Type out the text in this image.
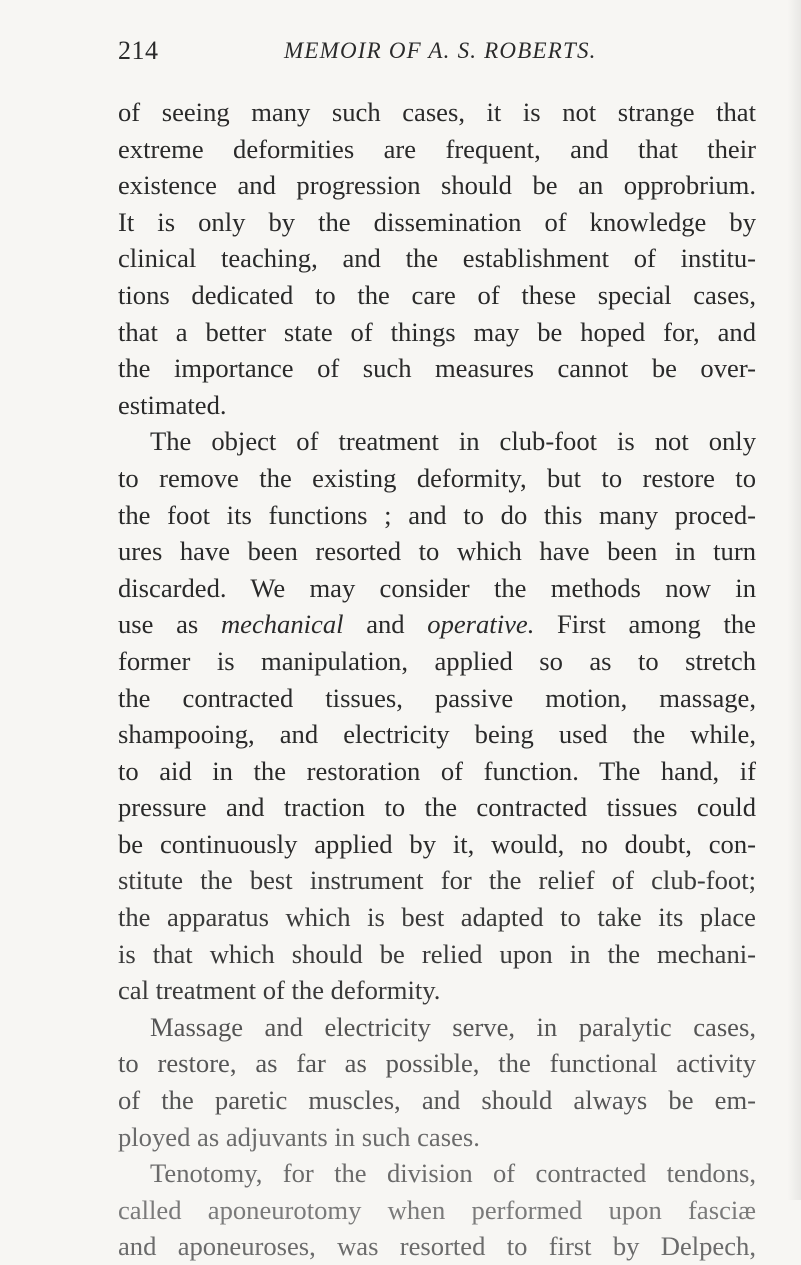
214	MEMOIR OF A. S. ROBERTS.
of seeing many such cases, it is not strange that
extreme deformities are frequent, and that their
existence and progression should be an opprobrium.
It is only by the dissemination of knowledge by
clinical teaching, and the establishment of institu-
tions dedicated to the care of these special cases,
that a better state of things may be hoped for, and
the importance of such measures cannot be over-
estimated.
The object of treatment in club-foot is not only
to remove the existing deformity, but to restore to
the foot its functions ; and to do this many proced-
ures have been resorted to which have been in turn
discarded. We may consider the methods now in
use as mechanical and operative. First among the
former is manipulation, applied so as to stretch
the contracted tissues, passive motion, massage,
shampooing, and electricity being used the while,
to aid in the restoration of function. The hand, if
pressure and traction to the contracted tissues could
be continuously applied by it, would, no doubt, con-
stitute the best instrument for the relief of club-foot;
the apparatus which is best adapted to take its place
is that which should be relied upon in the mechani-
cal treatment of the deformity.
Massage and electricity serve, in paralytic cases,
to restore, as far as possible, the functional activity
of the paretic muscles, and should always be em-
ployed as adjuvants in such cases.
Tenotomy, for the division of contracted tendons,
called aponeurotomy when performed upon fasciæ
and aponeuroses, was resorted to first by Delpech,
